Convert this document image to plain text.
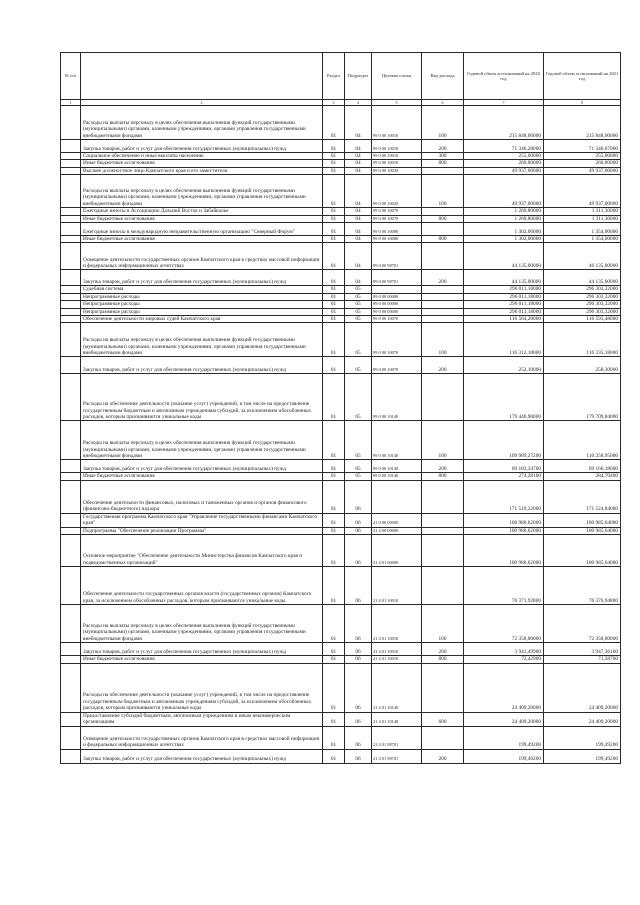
№ п/п		Раздел	Подраздел	Целевая статья	Вид расхода	Годовой объем ассигнований на 2020 год	Годовой объем ассигнований на 2021 год
1	2	3	4	5	6	7	8
	Расходы на выплаты персоналу в целях обеспечения выполнения функций государственными (муниципальными) органами, казенными учреждениями, органами управления государственными внебюджетными фондами	01	04	99 0 00 10010	100	215 848,00000	215 848,00000
	Закупка товаров, работ и услуг для обеспечения государственных (муниципальных) нужд	01	04	99 0 00 10010	200	71 346,28000	71 346,67000
	Социальное обеспечение и иные выплаты населению	01	04	99 0 00 10010	300	255,00000	255,00000
	Иные бюджетные ассигнования	01	04	99 0 00 10010	800	260,00000	260,00000
	Высшее должностное лицо Камчатского края и его заместители	01	04	99 0 00 10020		49 937,00000	49 937,00000
	Расходы на выплаты персоналу в целях обеспечения выполнения функций государственными (муниципальными) органами, казенными учреждениями, органами управления государственными внебюджетными фондами	01	04	99 0 00 10020	100	49 937,00000	49 937,00000
	Ежегодные взносы в Ассоциацию Дальний Восток и Забайкалье	01	04	99 0 00 10070		1 260,80000	1 311,30000
	Иные бюджетные ассигнования	01	04	99 0 00 10070	800	1 260,80000	1 311,30000
	Ежегодные взносы в международную неправительственную организацию "Северный Форум"	01	04	99 0 00 10080		1 302,00000	1 354,00000
	Иные бюджетные ассигнования	01	04	99 0 00 10080	800	1 302,00000	1 354,00000
	Освещение деятельности государственных органов Камчатского края в средствах массовой информации и федеральных информационных агентствах	01	04	99 0 00 98701		44 135,00000	46 135,00000
	Закупка товаров, работ и услуг для обеспечения государственных (муниципальных) нужд	01	04	99 0 00 98701	200	44 135,00000	44 135,00000
	Судебная система	01	05			296 011,18000	296 303,32000
	Непрограммные расходы	01	05	99 0 00 00000		296 011,18000	296 303,32000
	Непрограммные расходы	01	05	99 0 00 00000		296 011,18000	296 303,32000
	Непрограммные расходы	01	05	99 0 00 00000		296 011,18000	296 303,32000
	Обеспечение деятельности мировых судей Камчатского края	01	05	99 0 00 10070		116 564,28000	116 593,48000
	Расходы на выплаты персоналу в целях обеспечения выполнения функций государственными (муниципальными) органами, казенными учреждениями, органами управления государственными внебюджетными фондами	01	05	99 0 00 10070	100	116 312,18000	116 335,18000
	Закупка товаров, работ и услуг для обеспечения государственных (муниципальных) нужд	01	05	99 0 00 10070	200	252,10000	258,30000
	Расходы на обеспечение деятельности (оказание услуг) учреждений, в том числе на предоставление государственным бюджетным и автономным учреждениям субсидий, за исключением обособленных расходов, которым присваиваются уникальные коды	01	05	99 0 00 10140		179 446,90000	179 709,84000
	Расходы на выплаты персоналу в целях обеспечения выполнения функций государственными (муниципальными) органами, казенными учреждениями, органами управления государственными внебюджетными фондами	01	05	99 0 00 10140	100	109 989,27200	110 258,95000
	Закупка товаров, работ и услуг для обеспечения государственных (муниципальных) нужд	01	05	99 0 00 10140	200	69 183,34700	69 166,18600
	Иные бюджетные ассигнования	01	05	99 0 00 10140	800	274,28100	284,70400
	Обеспечение деятельности финансовых, налоговых и таможенных органов и органов финансового (финансово-бюджетного) надзора	01	06			171 519,32000	171 524,84000
	Государственная программа Камчатского края "Управление государственными финансами Камчатского края"	01	06	21 0 00 00000		100 980,62000	100 985,64000
	Подпрограмма "Обеспечение реализации Программы"	01	06	21 4 00 00000		100 980,62000	100 985,64000
	Основное мероприятие "Обеспечение деятельности Министерства финансов Камчатского края и подведомственных организаций"	01	06	21 4 01 00000		100 980,62000	100 985,64000
	Обеспечение деятельности государственных органов власти (государственных органов) Камчатского края, за исключением обособленных расходов, которым присваиваются уникальные коды	01	06	21 4 01 10010		76 371,92800	76 376,94800
	Расходы на выплаты персоналу в целях обеспечения выполнения функций государственными (муниципальными) органами, казенными учреждениями, органами управления государственными внебюджетными фондами	01	06	21 4 01 10010	100	72 358,00000	72 358,00000
	Закупка товаров, работ и услуг для обеспечения государственных (муниципальных) нужд	01	06	21 4 01 10010	200	3 941,49900	3 947,36100
	Иные бюджетные ассигнования	01	06	21 4 01 10010	800	72,42900	71,58700
	Расходы на обеспечение деятельности (оказание услуг) учреждений, в том числе на предоставление государственным бюджетным и автономным учреждениям субсидий, за исключением обособленных расходов, которым присваиваются уникальные коды	01	06	21 4 01 10140		24 409,20000	24 409,20000
	Предоставление субсидий бюджетным, автономным учреждениям и иным некоммерческим организациям	01	06	21 4 01 10140	600	24 409,20000	24 409,20000
	Освещение деятельности государственных органов Камчатского края в средствах массовой информации и федеральных информационных агентствах	01	06	21 4 01 98701		199,49200	199,49200
	Закупка товаров, работ и услуг для обеспечения государственных (муниципальных) нужд	01	06	21 4 01 98701	200	199,49200	199,49200
